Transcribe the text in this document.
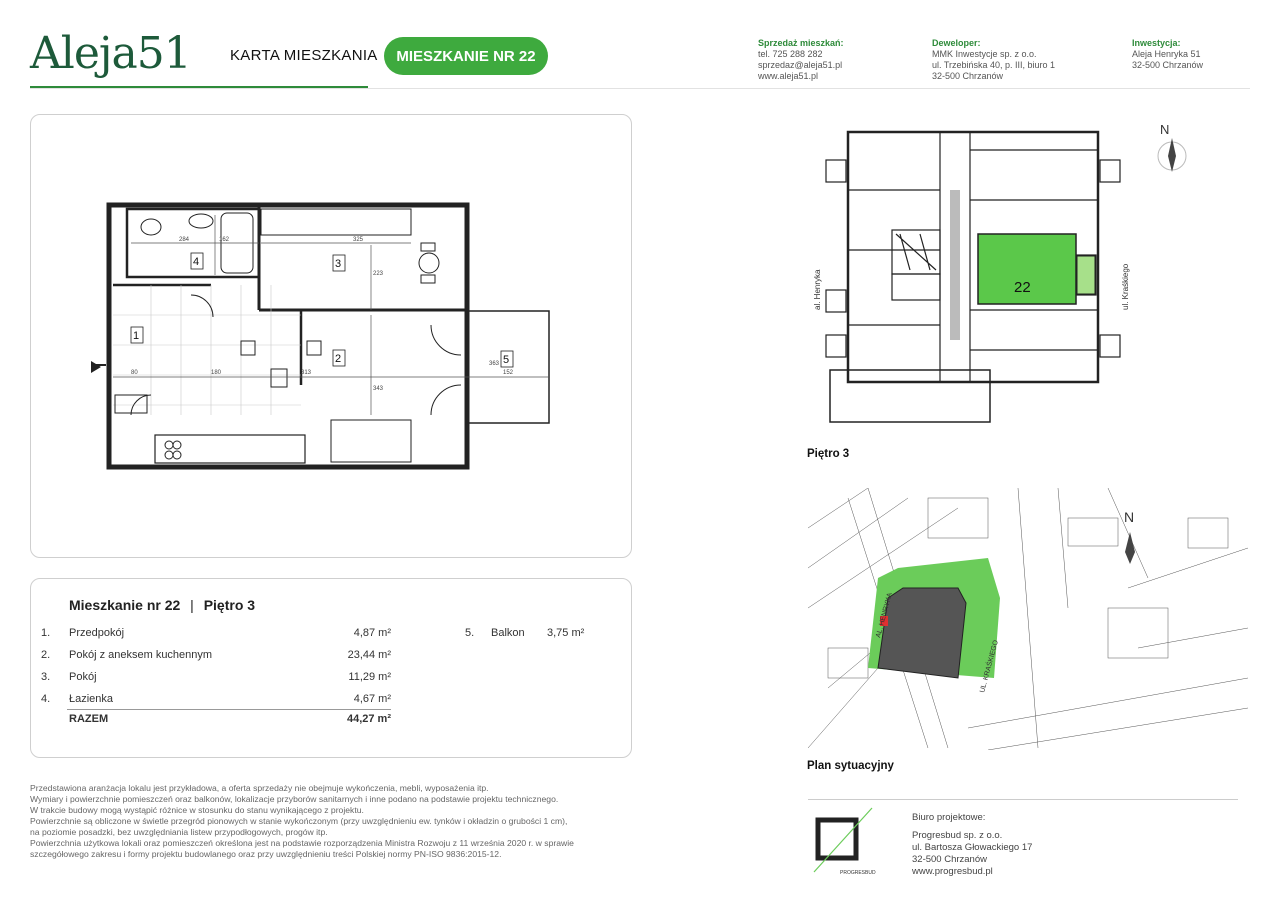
Aleja51	KARTA MIESZKANIA	MIESZKANIE NR 22
Sprzedaż mieszkań:
tel. 725 288 282
sprzedaz@aleja51.pl
www.aleja51.pl
Deweloper:
MMK Inwestycje sp. z o.o.
ul. Trzebińska 40, p. III, biuro 1
32-500 Chrzanów
Inwestycja:
Aleja Henryka 51
32-500 Chrzanów
1
2
3
4
5
284	162	325
223
80	180	313	152
343
363
Mieszkanie nr 22 | Piętro 3
1. Przedpokój	4,87 m²
2. Pokój z aneksem kuchennym	23,44 m²
3. Pokój	11,29 m²
4. Łazienka	4,67 m²
RAZEM	44,27 m²
5. Balkon 3,75 m²
Przedstawiona aranżacja lokalu jest przykładowa, a oferta sprzedaży nie obejmuje wykończenia, mebli, wyposażenia itp.
Wymiary i powierzchnie pomieszczeń oraz balkonów, lokalizacje przyborów sanitarnych i inne podano na podstawie projektu technicznego.
W trakcie budowy mogą wystąpić różnice w stosunku do stanu wynikającego z projektu.
Powierzchnie są obliczone w świetle przegród pionowych w stanie wykończonym (przy uwzględnieniu ew. tynków i okładzin o grubości 1 cm),
na poziomie posadzki, bez uwzględniania listew przypodłogowych, progów itp.
Powierzchnia użytkowa lokali oraz pomieszczeń określona jest na podstawie rozporządzenia Ministra Rozwoju z 11 września 2020 r. w sprawie
szczegółowego zakresu i formy projektu budowlanego oraz przy uwzględnieniu treści Polskiej normy PN-ISO 9836:2015-12.
22
al. Henryka	ul. Kraśkiego
N
Piętro 3
AL. HENRYKA
UL. KRAŚKIEGO
N
Plan sytuacyjny
PROGRESBUD
Biuro projektowe:
Progresbud sp. z o.o.
ul. Bartosza Głowackiego 17
32-500 Chrzanów
www.progresbud.pl
